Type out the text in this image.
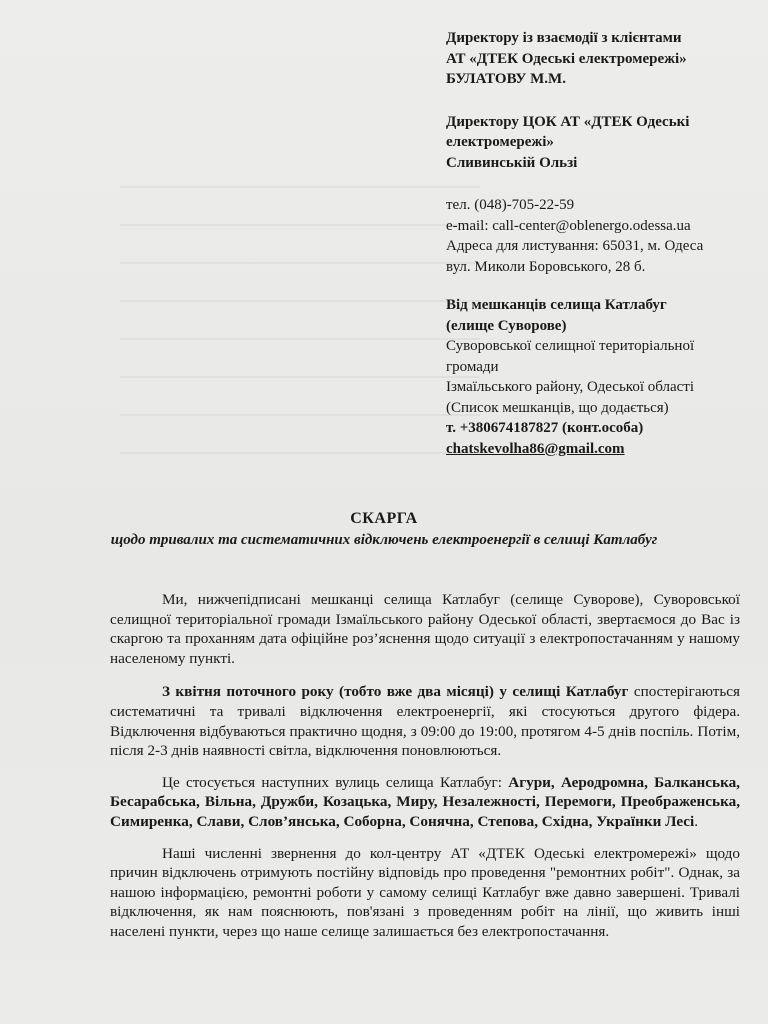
Директору із взаємодії з клієнтами
АТ «ДТЕК Одеські електромережі»
БУЛАТОВУ М.М.
Директору ЦОК АТ «ДТЕК Одеські
електромережі»
Сливинській Ользі
тел. (048)-705-22-59
e-mail: call-center@oblenergo.odessa.ua
Адреса для листування: 65031, м. Одеса
вул. Миколи Боровського, 28 б.
Від мешканців селища Катлабуг
(елище Суворове)
Суворовської селищної територіальної
громади
Ізмаїльського району, Одеської області
(Список мешканців, що додається)
т. +380674187827 (конт.особа)
chatskevolha86@gmail.com
СКАРГА
щодо тривалих та систематичних відключень електроенергії в селищі Катлабуг

Ми, нижчепідписані мешканці селища Катлабуг (селище Суворове), Суворовської селищної територіальної громади Ізмаїльського району Одеської області, звертаємося до Вас із скаргою та проханням дата офіційне роз’яснення щодо ситуації з електропостачанням у нашому населеному пункті.

З квітня поточного року (тобто вже два місяці) у селищі Катлабуг спостерігаються систематичні та тривалі відключення електроенергії, які стосуються другого фідера. Відключення відбуваються практично щодня, з 09:00 до 19:00, протягом 4-5 днів поспіль. Потім, після 2-3 днів наявності світла, відключення поновлюються.

Це стосується наступних вулиць селища Катлабуг: Агури, Аеродромна, Балканська, Бесарабська, Вільна, Дружби, Козацька, Миру, Незалежності, Перемоги, Преображенська, Симиренка, Слави, Слов’янська, Соборна, Сонячна, Степова, Східна, Українки Лесі.

Наші численні звернення до кол-центру АТ «ДТЕК Одеські електромережі» щодо причин відключень отримують постійну відповідь про проведення "ремонтних робіт". Однак, за нашою інформацією, ремонтні роботи у самому селищі Катлабуг вже давно завершені. Тривалі відключення, як нам пояснюють, пов'язані з проведенням робіт на лінії, що живить інші населені пункти, через що наше селище залишається без електропостачання.
